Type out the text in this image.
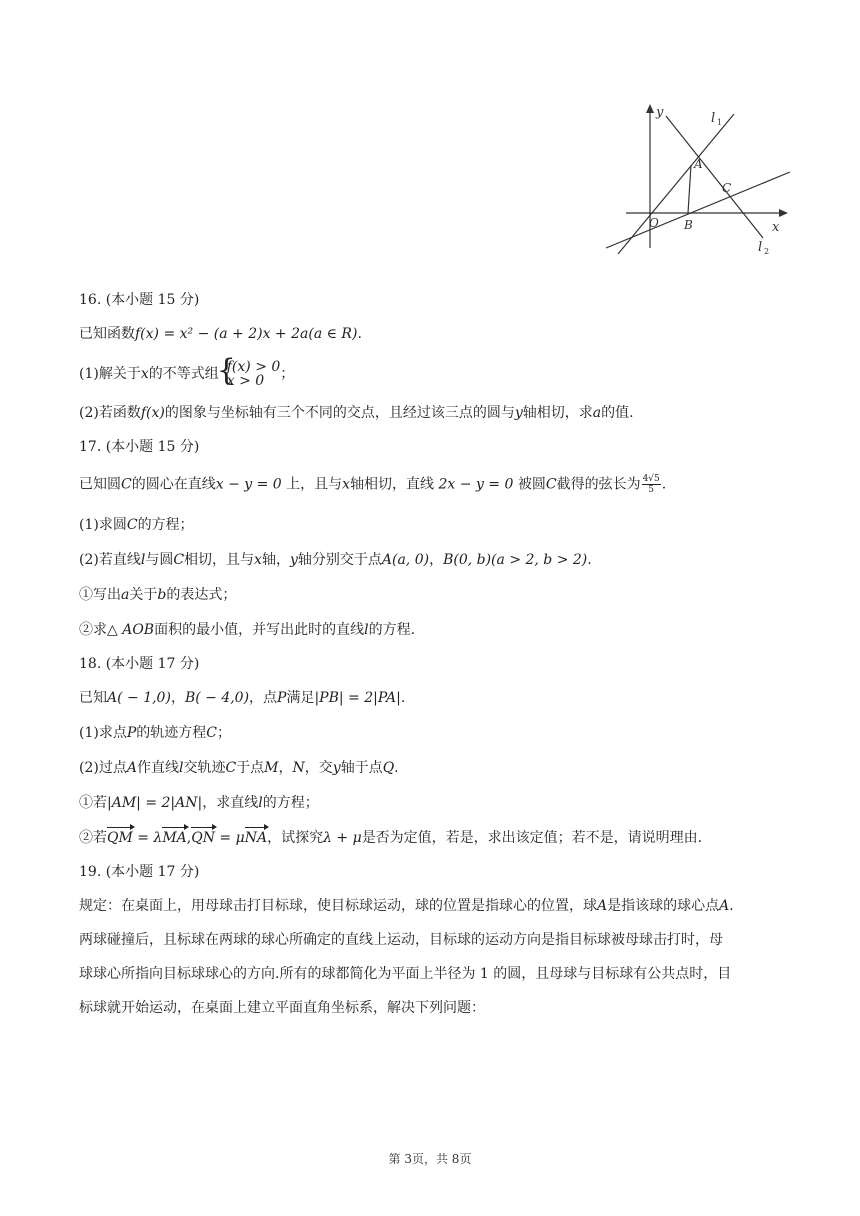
y
x
l 1
l 2
A
B
C
O
16. (本小题 15 分)
已知函数f(x) = x² − (a + 2)x + 2a(a ∈ R).
(1)解关于x的不等式组
{ f(x) > 0
x > 0	；
(2)若函数f(x)的图象与坐标轴有三个不同的交点，且经过该三点的圆与y轴相切，求a的值.
17. (本小题 15 分)
已知圆C的圆心在直线x − y = 0 上，且与x轴相切，直线 2x − y = 0 被圆C截得的弦长为 $\frac{4√5}{5}$ .
(1)求圆C的方程；
(2)若直线l与圆C相切，且与x轴，y轴分别交于点A(a, 0)，B(0, b)(a > 2, b > 2).
①写出a关于b的表达式；
②求△ AOB面积的最小值，并写出此时的直线l的方程.
18. (本小题 17 分)
已知A( − 1,0)，B( − 4,0)，点P满足|PB| = 2|PA|.
(1)求点P的轨迹方程C；
(2)过点A作直线l交轨迹C于点M，N，交y轴于点Q.
①若|AM| = 2|AN|，求直线l的方程；
②若QM = λMA,QN = μNA，试探究λ + μ是否为定值，若是，求出该定值；若不是，请说明理由.
19. (本小题 17 分)
规定：在桌面上，用母球击打目标球，使目标球运动，球的位置是指球心的位置，球A是指该球的球心点A.
两球碰撞后，且标球在两球的球心所确定的直线上运动，目标球的运动方向是指目标球被母球击打时，母
球球心所指向目标球球心的方向.所有的球都简化为平面上半径为 1 的圆，且母球与目标球有公共点时，目
标球就开始运动，在桌面上建立平面直角坐标系，解决下列问题：
第 3页，共 8页
